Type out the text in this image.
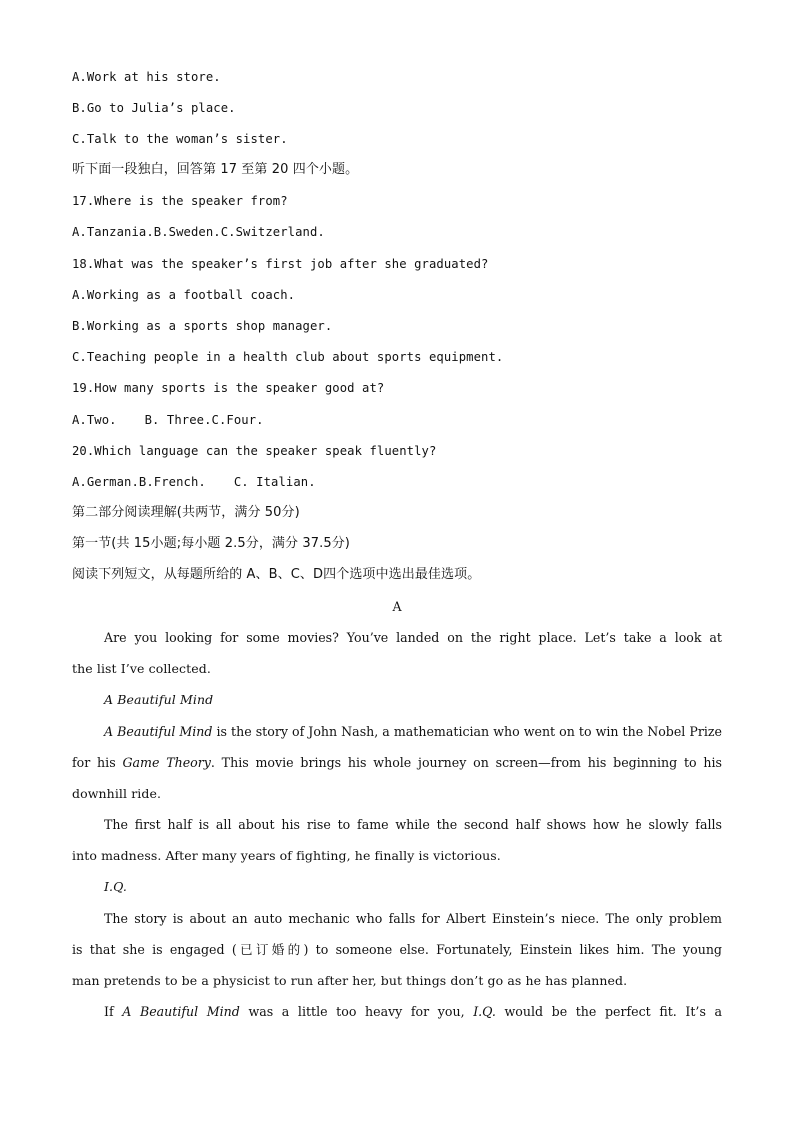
A.Work at his store.
B.Go to Julia’s place.
C.Talk to the woman’s sister.
听下面一段独白，回答第 17 至第 20 四个小题。
17.Where is the speaker from?
A.Tanzania.B.Sweden.C.Switzerland.
18.What was the speaker’s first job after she graduated?
A.Working as a football coach.
B.Working as a sports shop manager.
C.Teaching people in a health club about sports equipment.
19.How many sports is the speaker good at?
A.Two. B. Three.C.Four.
20.Which language can the speaker speak fluently?
A.German.B.French. C. Italian.
第二部分阅读理解(共两节，满分 50分)
第一节(共 15小题;每小题 2.5分，满分 37.5分)
阅读下列短文，从每题所给的 A、B、C、D四个选项中选出最佳选项。
A
Are you looking for some movies? You’ve landed on the right place. Let’s take a look at
the list I’ve collected.
A Beautiful Mind
A Beautiful Mind is the story of John Nash, a mathematician who went on to win the Nobel Prize
for his Game Theory. This movie brings his whole journey on screen—from his beginning to his
downhill ride.
The first half is all about his rise to fame while the second half shows how he slowly falls
into madness. After many years of fighting, he finally is victorious.
I.Q.
The story is about an auto mechanic who falls for Albert Einstein’s niece. The only problem
is that she is engaged (已订婚的) to someone else. Fortunately, Einstein likes him. The young
man pretends to be a physicist to run after her, but things don’t go as he has planned.
If A Beautiful Mind was a little too heavy for you, I.Q. would be the perfect fit. It’s a
